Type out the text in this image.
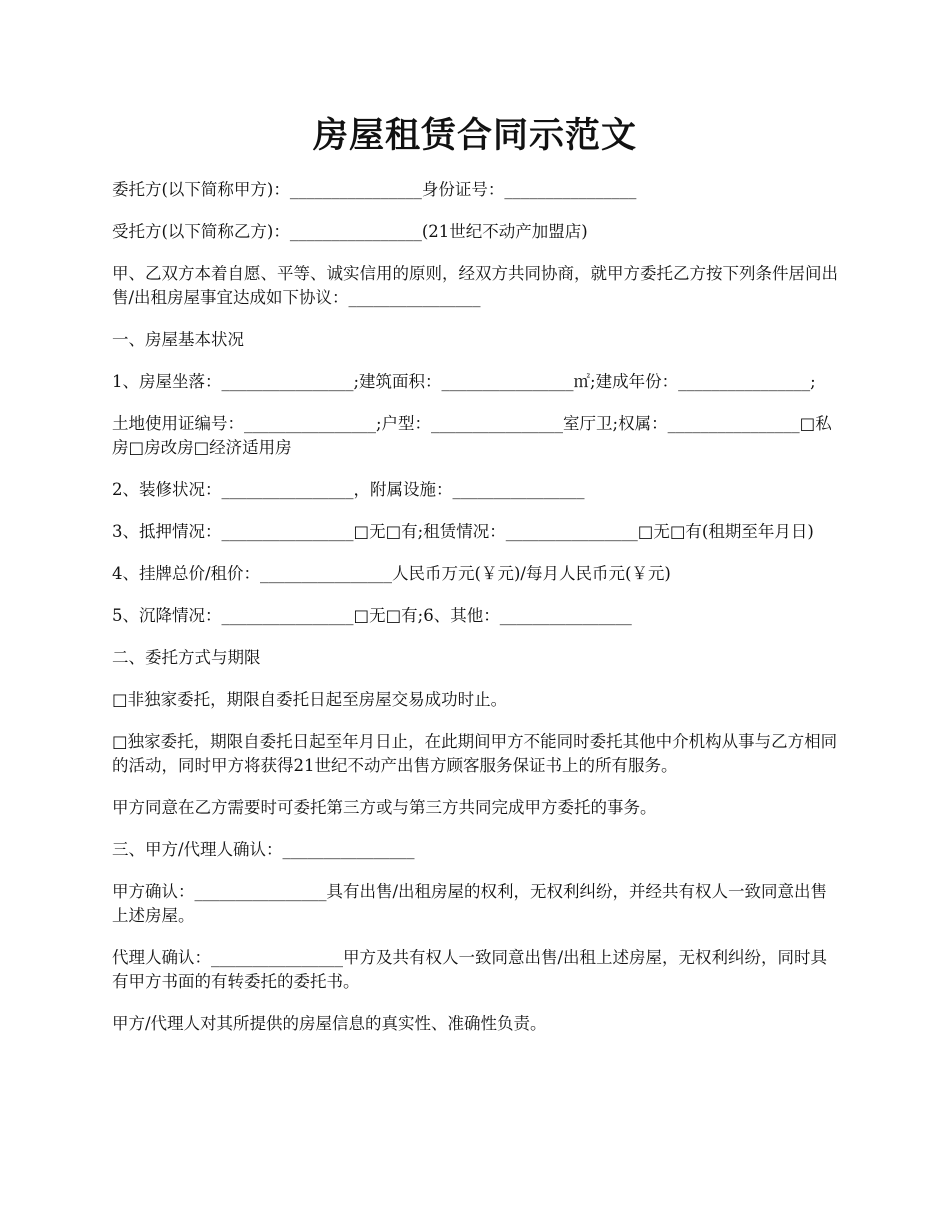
房屋租赁合同示范文

委托方(以下简称甲方)：________________身份证号：________________

受托方(以下简称乙方)：________________(21世纪不动产加盟店)

甲、乙双方本着自愿、平等、诚实信用的原则，经双方共同协商，就甲方委托乙方按下列条件居间出售/出租房屋事宜达成如下协议：________________

一、房屋基本状况

1、房屋坐落：________________;建筑面积：________________㎡;建成年份：________________;

土地使用证编号：________________;户型：________________室厅卫;权属：________________□私房□房改房□经济适用房

2、装修状况：________________，附属设施：________________

3、抵押情况：________________□无□有;租赁情况：________________□无□有(租期至年月日)

4、挂牌总价/租价：________________人民币万元(￥元)/每月人民币元(￥元)

5、沉降情况：________________□无□有;6、其他：________________

二、委托方式与期限

□非独家委托，期限自委托日起至房屋交易成功时止。

□独家委托，期限自委托日起至年月日止，在此期间甲方不能同时委托其他中介机构从事与乙方相同的活动，同时甲方将获得21世纪不动产出售方顾客服务保证书上的所有服务。

甲方同意在乙方需要时可委托第三方或与第三方共同完成甲方委托的事务。

三、甲方/代理人确认：________________

甲方确认：________________具有出售/出租房屋的权利，无权利纠纷，并经共有权人一致同意出售上述房屋。

代理人确认：________________甲方及共有权人一致同意出售/出租上述房屋，无权利纠纷，同时具有甲方书面的有转委托的委托书。

甲方/代理人对其所提供的房屋信息的真实性、准确性负责。
